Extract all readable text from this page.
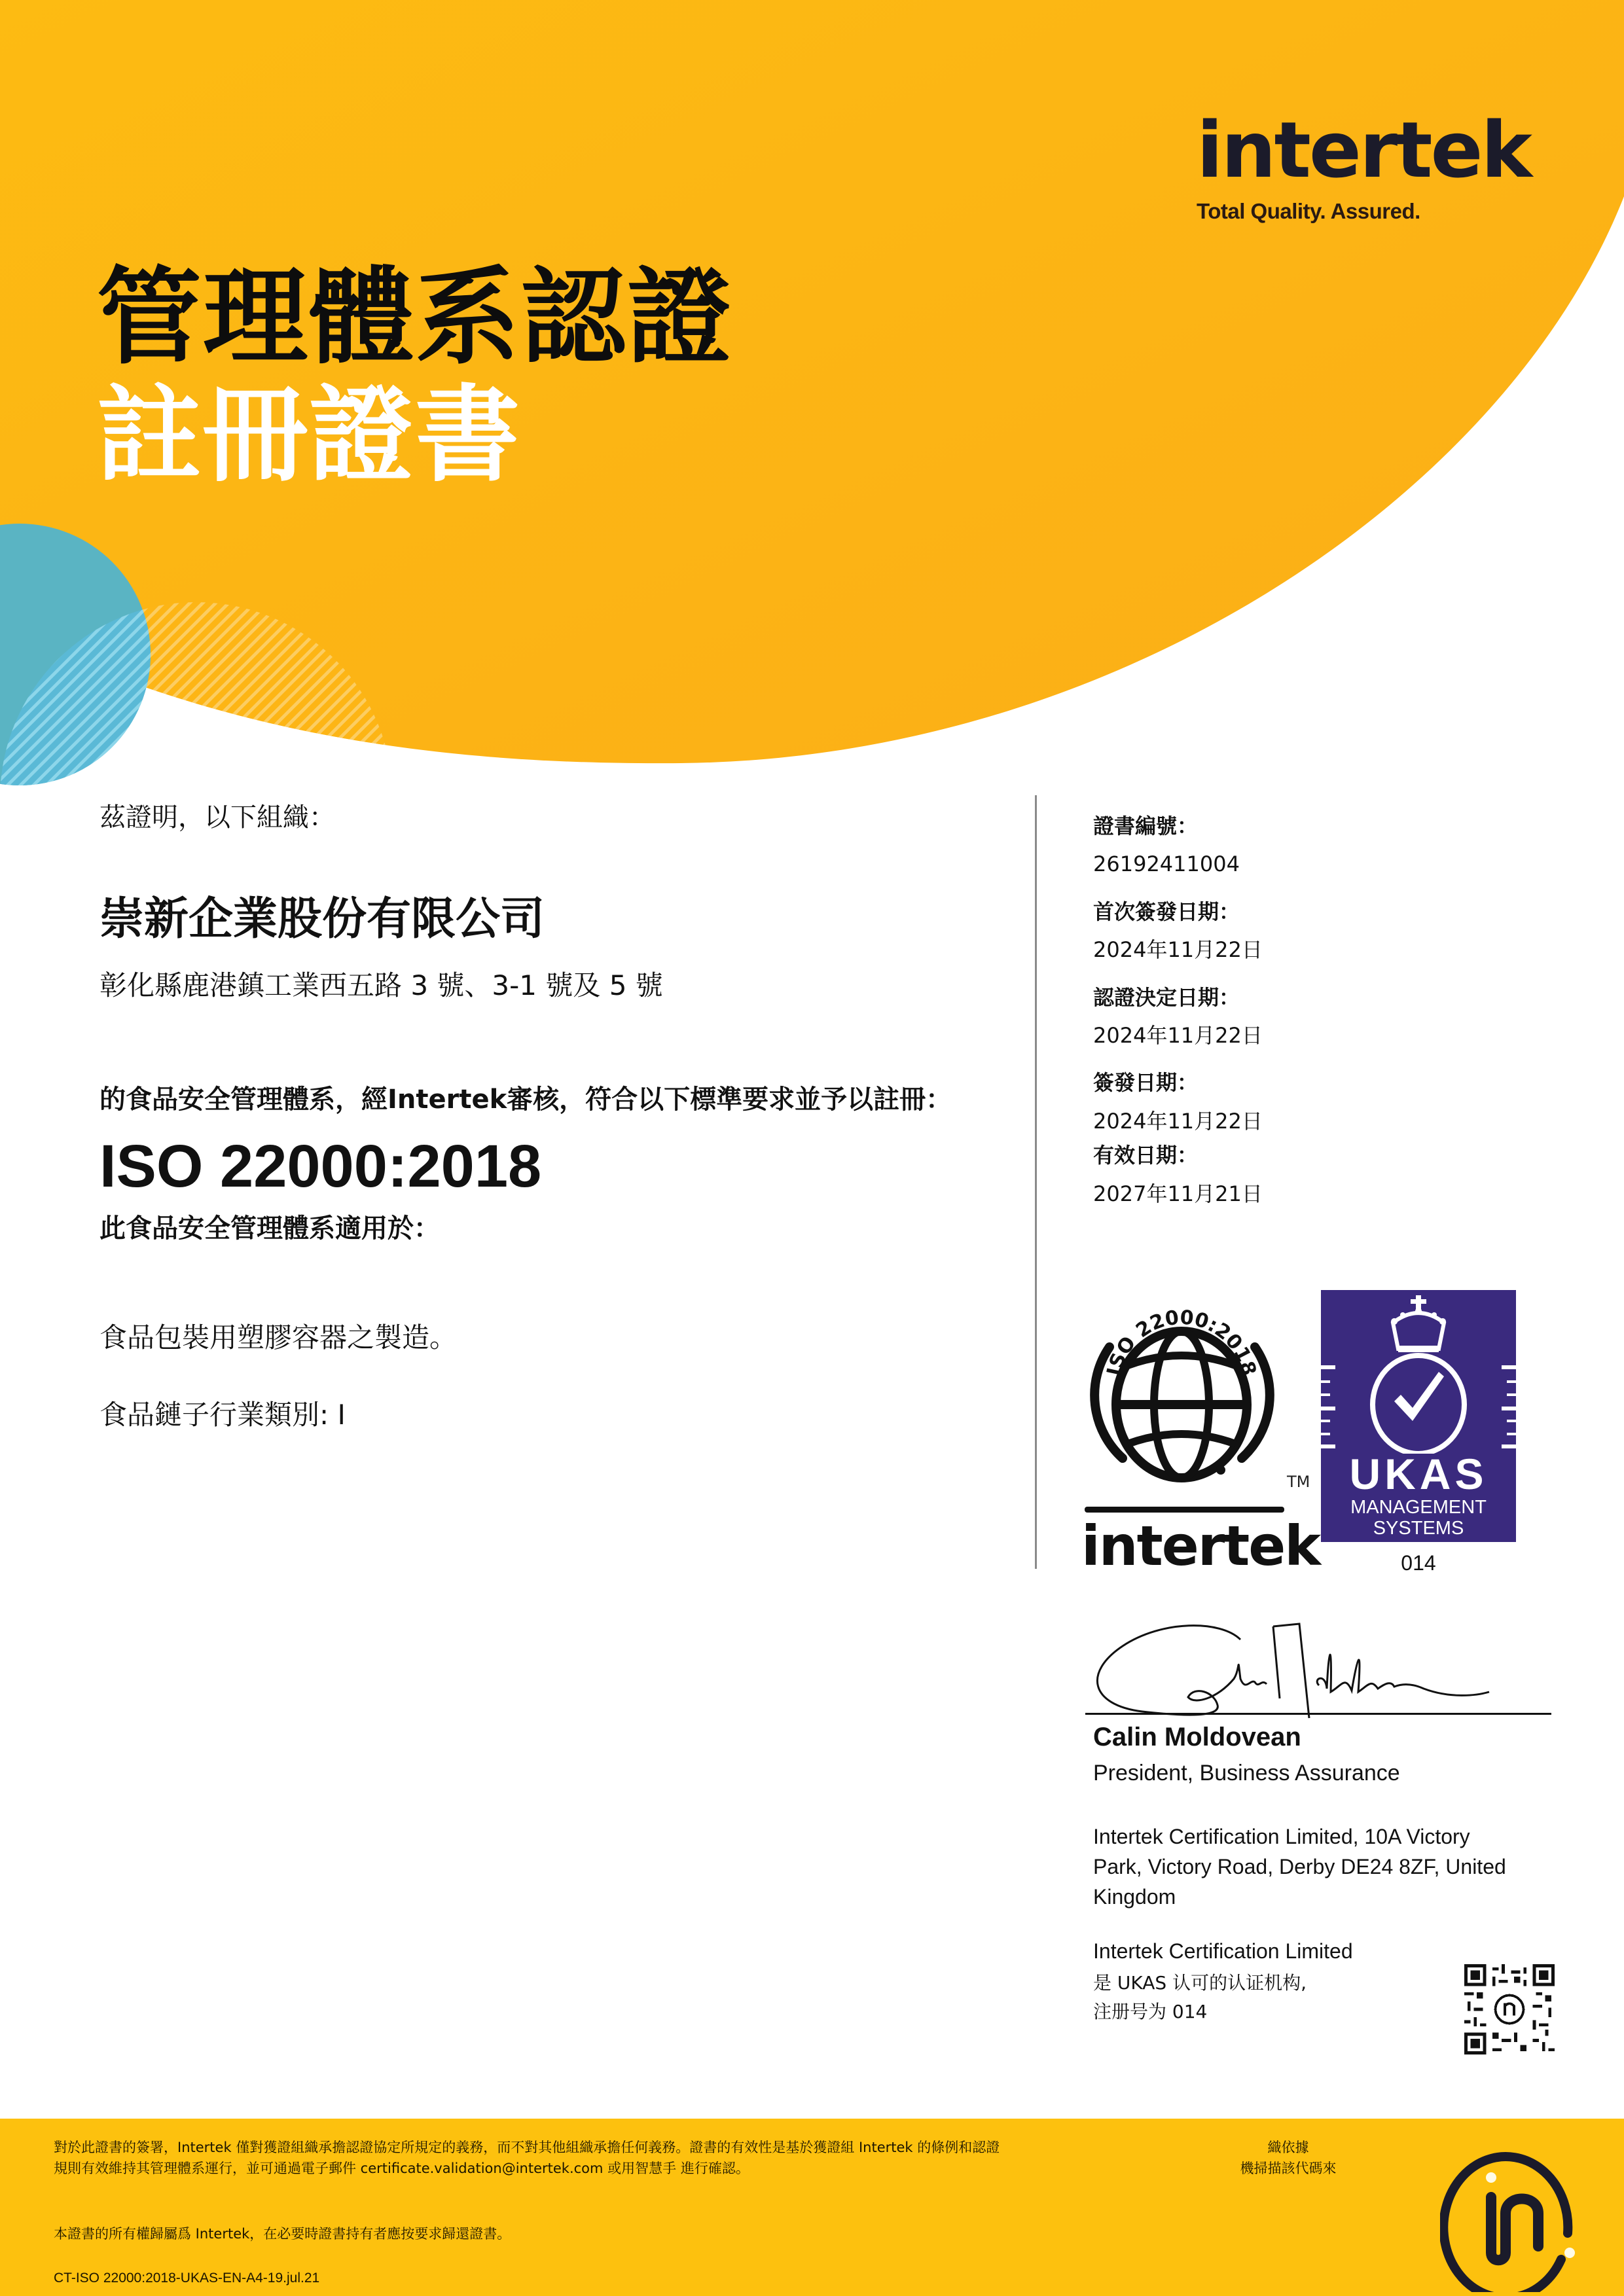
intertek
Total Quality. Assured.
管理體系認證
註冊證書
茲證明，以下組織：
崇新企業股份有限公司
彰化縣鹿港鎮工業西五路 3 號、3-1 號及 5 號
的食品安全管理體系，經Intertek審核，符合以下標準要求並予以註冊：
ISO 22000:2018
此食品安全管理體系適用於：
食品包裝用塑膠容器之製造。
食品鏈子行業類別: I
證書編號：
26192411004
首次簽發日期：
2024年11月22日
認證決定日期：
2024年11月22日
簽發日期：
2024年11月22日
有效日期：
2027年11月21日
ISO 22000:2018
TM
intertek
UKAS
MANAGEMENT
SYSTEMS
014
Calin Moldovean
President, Business Assurance
Intertek Certification Limited, 10A Victory Park, Victory Road, Derby DE24 8ZF, United Kingdom
Intertek Certification Limited
是 UKAS 认可的认证机构,
注册号为 014
對於此證書的簽署，Intertek 僅對獲證組織承擔認證協定所規定的義務，而不對其他組織承擔任何義務。證書的有效性是基於獲證組 Intertek 的條例和認證規則有效維持其管理體系運行，並可通過電子郵件 certificate.validation@intertek.com 或用智慧手 進行確認。
本證書的所有權歸屬爲 Intertek，在必要時證書持有者應按要求歸還證書。
CT-ISO 22000:2018-UKAS-EN-A4-19.jul.21
織依據
機掃描該代碼來
